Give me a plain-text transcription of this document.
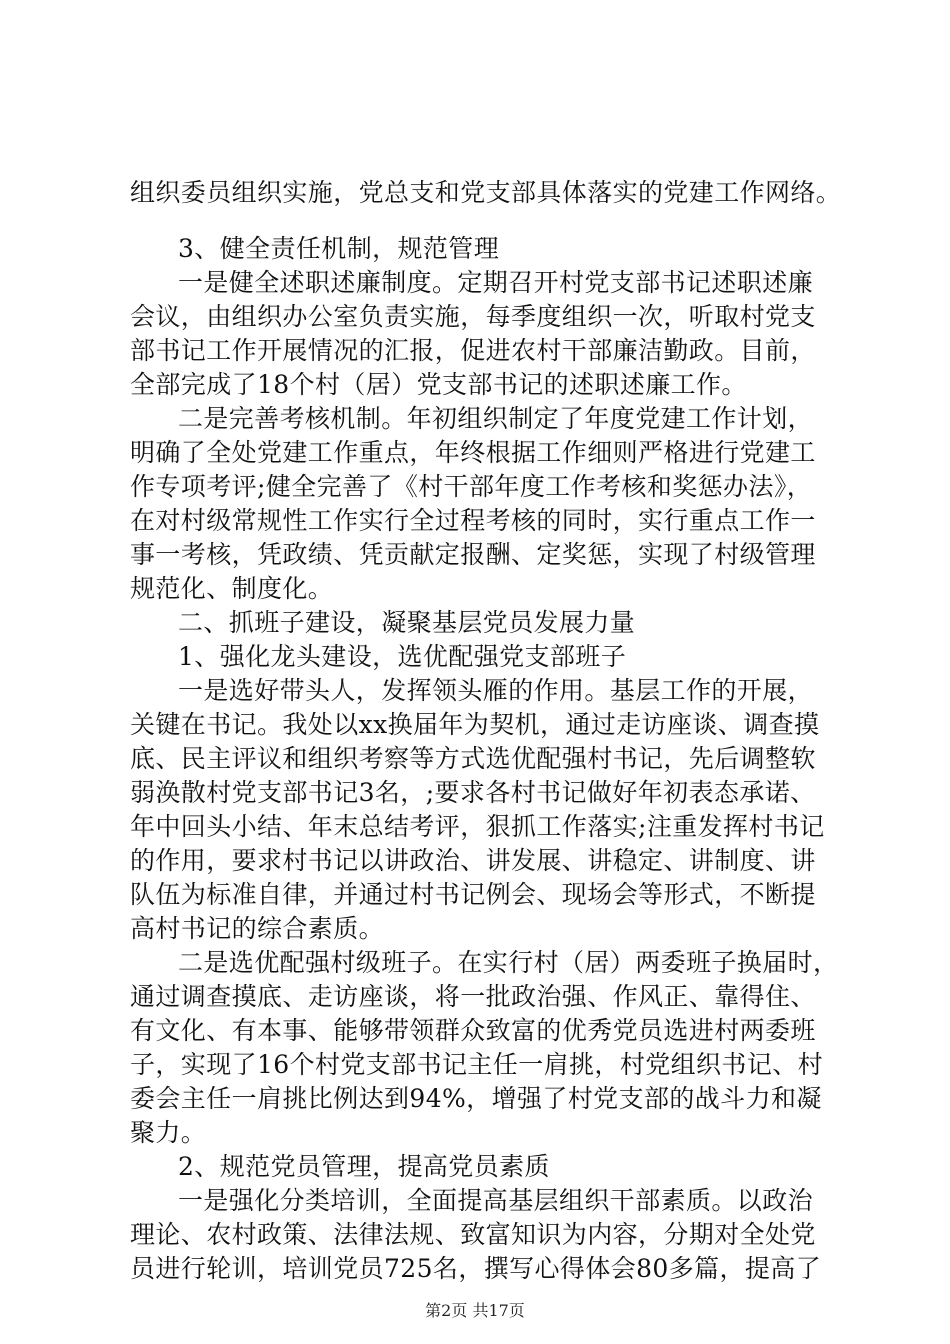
组织委员组织实施，党总支和党支部具体落实的党建工作网络。
3、健全责任机制，规范管理
一是健全述职述廉制度。定期召开村党支部书记述职述廉
会议，由组织办公室负责实施，每季度组织一次，听取村党支
部书记工作开展情况的汇报，促进农村干部廉洁勤政。目前，
全部完成了18个村（居）党支部书记的述职述廉工作。
二是完善考核机制。年初组织制定了年度党建工作计划，
明确了全处党建工作重点，年终根据工作细则严格进行党建工
作专项考评;健全完善了《村干部年度工作考核和奖惩办法》，
在对村级常规性工作实行全过程考核的同时，实行重点工作一
事一考核，凭政绩、凭贡献定报酬、定奖惩，实现了村级管理
规范化、制度化。
二、抓班子建设，凝聚基层党员发展力量
1、强化龙头建设，选优配强党支部班子
一是选好带头人，发挥领头雁的作用。基层工作的开展，
关键在书记。我处以xx换届年为契机，通过走访座谈、调查摸
底、民主评议和组织考察等方式选优配强村书记，先后调整软
弱涣散村党支部书记3名，;要求各村书记做好年初表态承诺、
年中回头小结、年末总结考评，狠抓工作落实;注重发挥村书记
的作用，要求村书记以讲政治、讲发展、讲稳定、讲制度、讲
队伍为标准自律，并通过村书记例会、现场会等形式，不断提
高村书记的综合素质。
二是选优配强村级班子。在实行村（居）两委班子换届时，
通过调查摸底、走访座谈，将一批政治强、作风正、靠得住、
有文化、有本事、能够带领群众致富的优秀党员选进村两委班
子，实现了16个村党支部书记主任一肩挑，村党组织书记、村
委会主任一肩挑比例达到94%，增强了村党支部的战斗力和凝
聚力。
2、规范党员管理，提高党员素质
一是强化分类培训，全面提高基层组织干部素质。以政治
理论、农村政策、法律法规、致富知识为内容，分期对全处党
员进行轮训，培训党员725名，撰写心得体会80多篇，提高了
第2页 共17页
